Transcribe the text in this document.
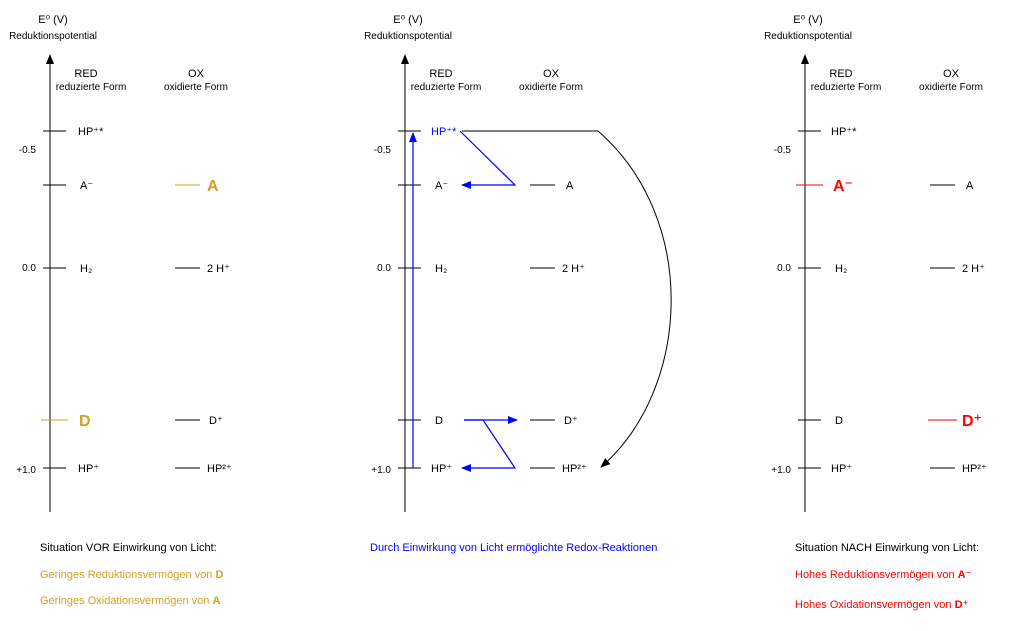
E⁰ (V)
Reduktionspotential
-0.5
0.0
+1.0
RED
reduzierte Form
OX
oxidierte Form
HP⁺*
A⁻	A
H₂	2 H⁺
D	D⁺
HP⁺	HP²⁺
Situation VOR Einwirkung von Licht:
Geringes Reduktionsvermögen von D
Geringes Oxidationsvermögen von A
E⁰ (V)
Reduktionspotential
-0.5
0.0
+1.0
RED
reduzierte Form
OX
oxidierte Form
HP⁺*
A⁻	A
H₂	2 H⁺
D	D⁺
HP⁺	HP²⁺
Durch Einwirkung von Licht ermöglichte Redox-Reaktionen
E⁰ (V)
Reduktionspotential
-0.5
0.0
+1.0
RED
reduzierte Form
OX
oxidierte Form
HP⁺*
A⁻	A
H₂	2 H⁺
D	D⁺
HP⁺	HP²⁺
Situation NACH Einwirkung von Licht:
Hohes Reduktionsvermögen von A⁻
Hohes Oxidationsvermögen von D⁺
